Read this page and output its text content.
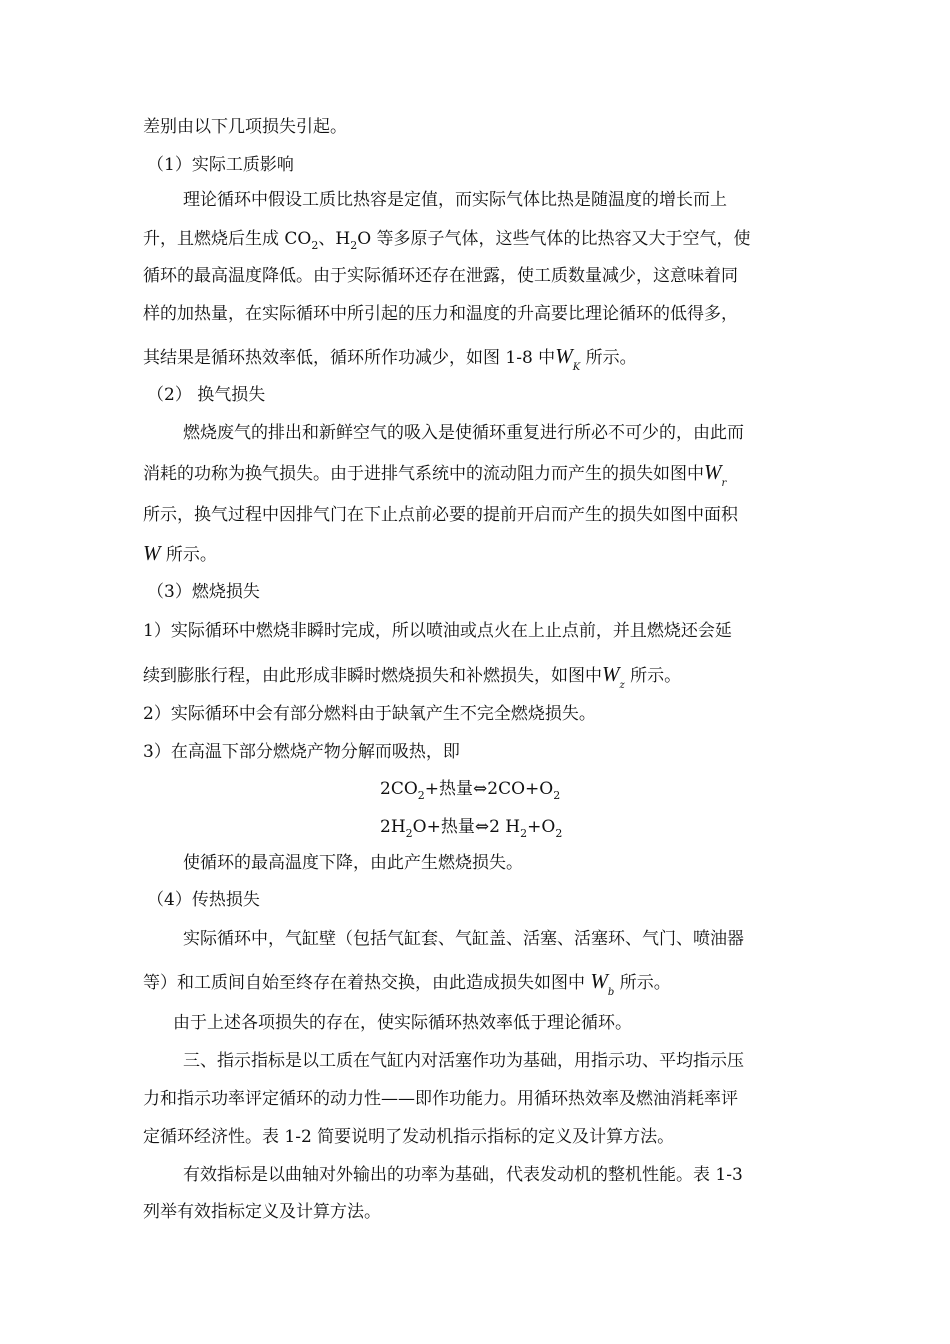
差别由以下几项损失引起。
（1）实际工质影响
理论循环中假设工质比热容是定值，而实际气体比热是随温度的增长而上
升，且燃烧后生成 $CO_2$、$H_2O$ 等多原子气体，这些气体的比热容又大于空气，使
循环的最高温度降低。由于实际循环还存在泄露，使工质数量减少，这意味着同
样的加热量，在实际循环中所引起的压力和温度的升高要比理论循环的低得多，
其结果是循环热效率低，循环所作功减少，如图 1-8 中$W_K$ 所示。
（2） 换气损失
燃烧废气的排出和新鲜空气的吸入是使循环重复进行所必不可少的，由此而
消耗的功称为换气损失。由于进排气系统中的流动阻力而产生的损失如图中$W_r$
所示，换气过程中因排气门在下止点前必要的提前开启而产生的损失如图中面积
W 所示。
（3）燃烧损失
1）实际循环中燃烧非瞬时完成，所以喷油或点火在上止点前，并且燃烧还会延
续到膨胀行程，由此形成非瞬时燃烧损失和补燃损失，如图中$W_z$ 所示。
2）实际循环中会有部分燃料由于缺氧产生不完全燃烧损失。
3）在高温下部分燃烧产物分解而吸热，即
$2CO_2+$热量$\Leftrightarrow 2CO+O_2$
$2H_2O+$热量⇔2 $H_2+O_2$
使循环的最高温度下降，由此产生燃烧损失。
（4）传热损失
实际循环中，气缸壁（包括气缸套、气缸盖、活塞、活塞环、气门、喷油器
等）和工质间自始至终存在着热交换，由此造成损失如图中 $W_b$ 所示。
由于上述各项损失的存在，使实际循环热效率低于理论循环。
三、指示指标是以工质在气缸内对活塞作功为基础，用指示功、平均指示压
力和指示功率评定循环的动力性——即作功能力。用循环热效率及燃油消耗率评
定循环经济性。表 1-2 简要说明了发动机指示指标的定义及计算方法。
有效指标是以曲轴对外输出的功率为基础，代表发动机的整机性能。表 1-3
列举有效指标定义及计算方法。
